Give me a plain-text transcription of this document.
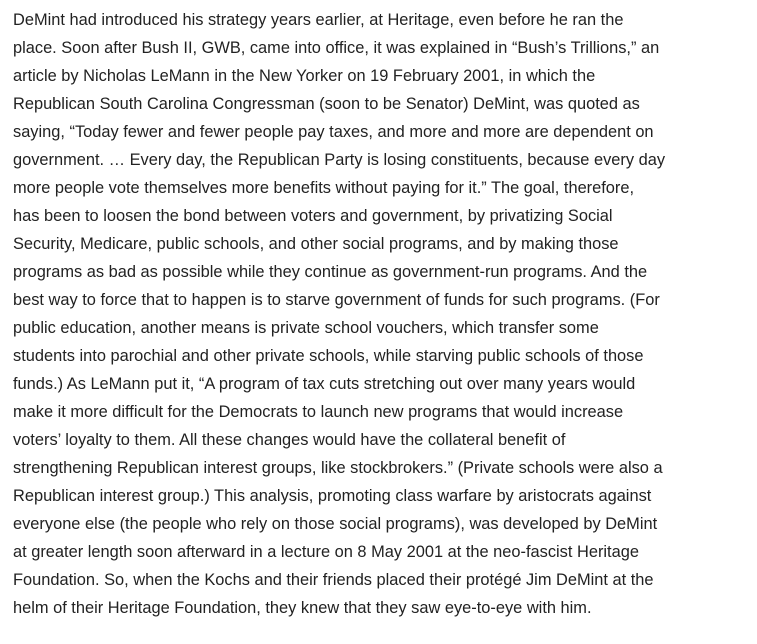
DeMint had introduced his strategy years earlier, at Heritage, even before he ran the
place. Soon after Bush II, GWB, came into office, it was explained in “Bush’s Trillions,” an
article by Nicholas LeMann in the New Yorker on 19 February 2001, in which the
Republican South Carolina Congressman (soon to be Senator) DeMint, was quoted as
saying, “Today fewer and fewer people pay taxes, and more and more are dependent on
government. … Every day, the Republican Party is losing constituents, because every day
more people vote themselves more benefits without paying for it.” The goal, therefore,
has been to loosen the bond between voters and government, by privatizing Social
Security, Medicare, public schools, and other social programs, and by making those
programs as bad as possible while they continue as government-run programs. And the
best way to force that to happen is to starve government of funds for such programs. (For
public education, another means is private school vouchers, which transfer some
students into parochial and other private schools, while starving public schools of those
funds.) As LeMann put it, “A program of tax cuts stretching out over many years would
make it more difficult for the Democrats to launch new programs that would increase
voters’ loyalty to them. All these changes would have the collateral benefit of
strengthening Republican interest groups, like stockbrokers.” (Private schools were also a
Republican interest group.) This analysis, promoting class warfare by aristocrats against
everyone else (the people who rely on those social programs), was developed by DeMint
at greater length soon afterward in a lecture on 8 May 2001 at the neo-fascist Heritage
Foundation. So, when the Kochs and their friends placed their protégé Jim DeMint at the
helm of their Heritage Foundation, they knew that they saw eye-to-eye with him.
